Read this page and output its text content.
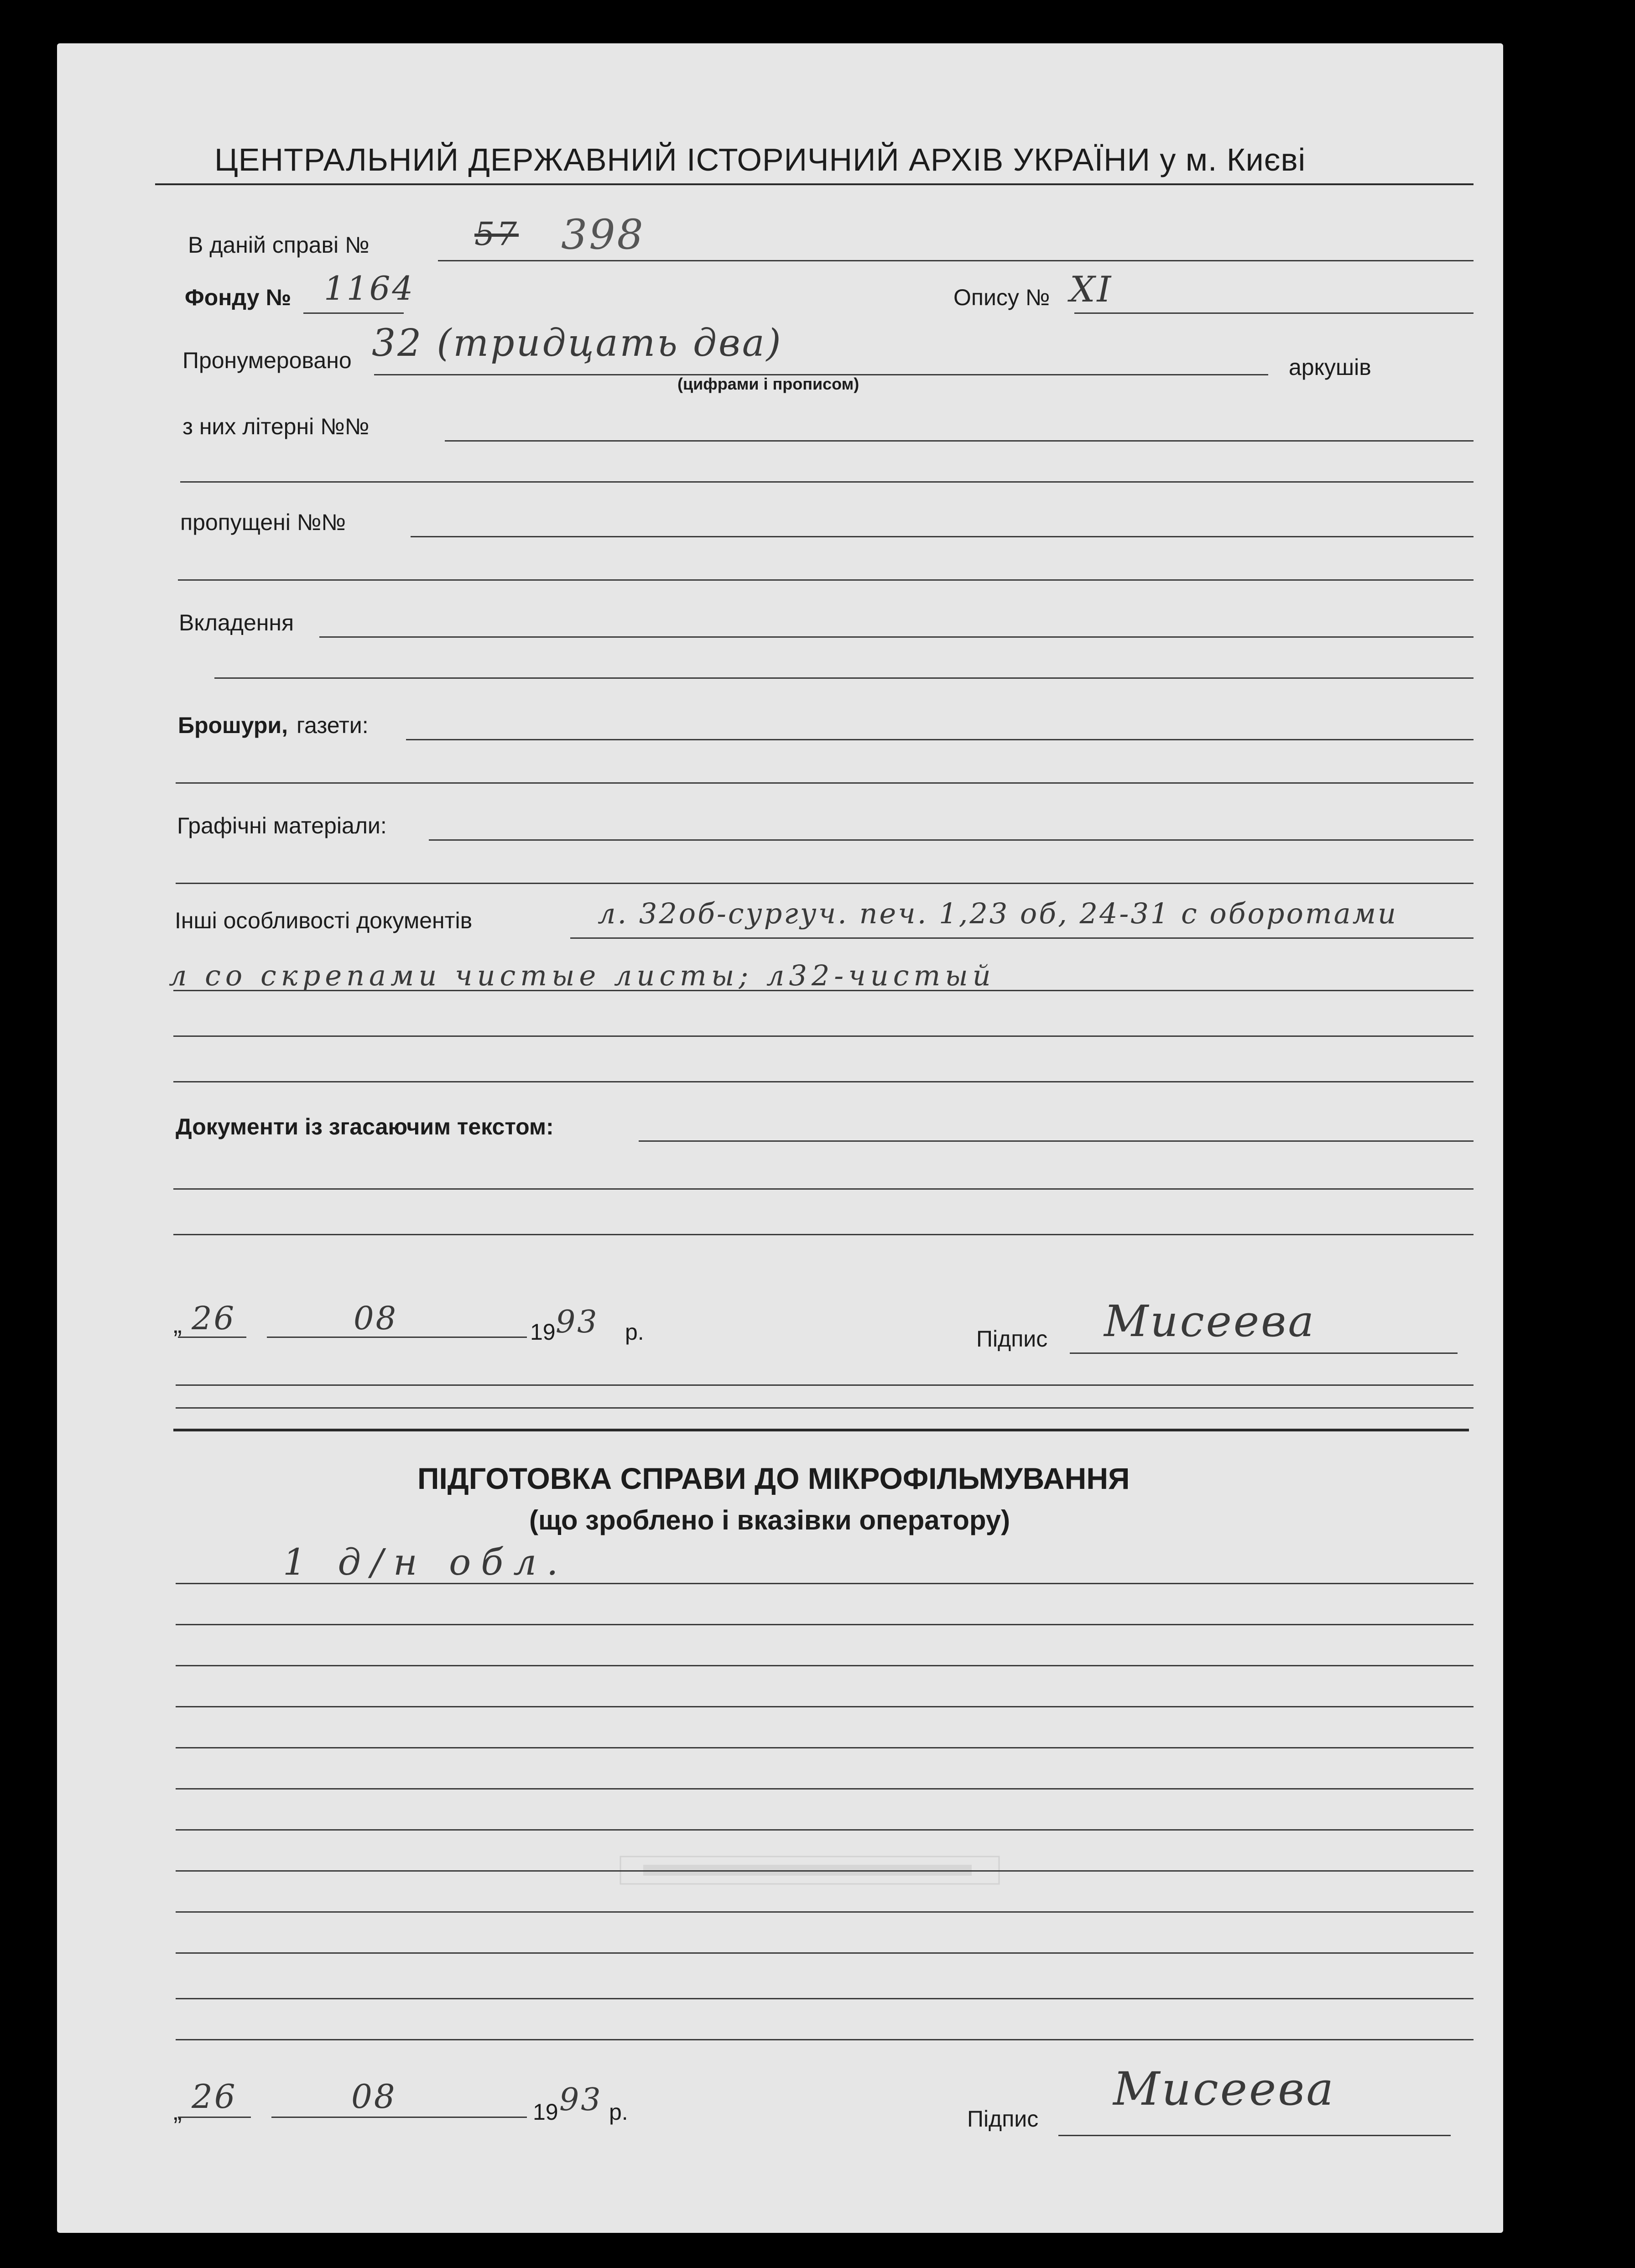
ЦЕНТРАЛЬНИЙ ДЕРЖАВНИЙ ІСТОРИЧНИЙ АРХІВ УКРАЇНИ у м. Києві
В даній справі №	57 398
Фонду № 1164	Опису № XI
Пронумеровано 32 (тридцать два)
(цифрами і прописом)
аркушів
з них літерні №№
пропущені №№
Вкладення
Брошури, газети:
Графічні матеріали:
Інші особливості документів	л. 32об-сургуч. печ. 1,23 об, 24-31 с оборотами
л со скрепами чистые листы; л32-чистый
Документи із згасаючим текстом:
„ 26	08	19 93 р.	Підпис Мисеева
ПІДГОТОВКА СПРАВИ ДО МІКРОФІЛЬМУВАННЯ
(що зроблено і вказівки оператору)
1 д/н обл.
„ 26	08	19 93 р.	Підпис
Мисеева
